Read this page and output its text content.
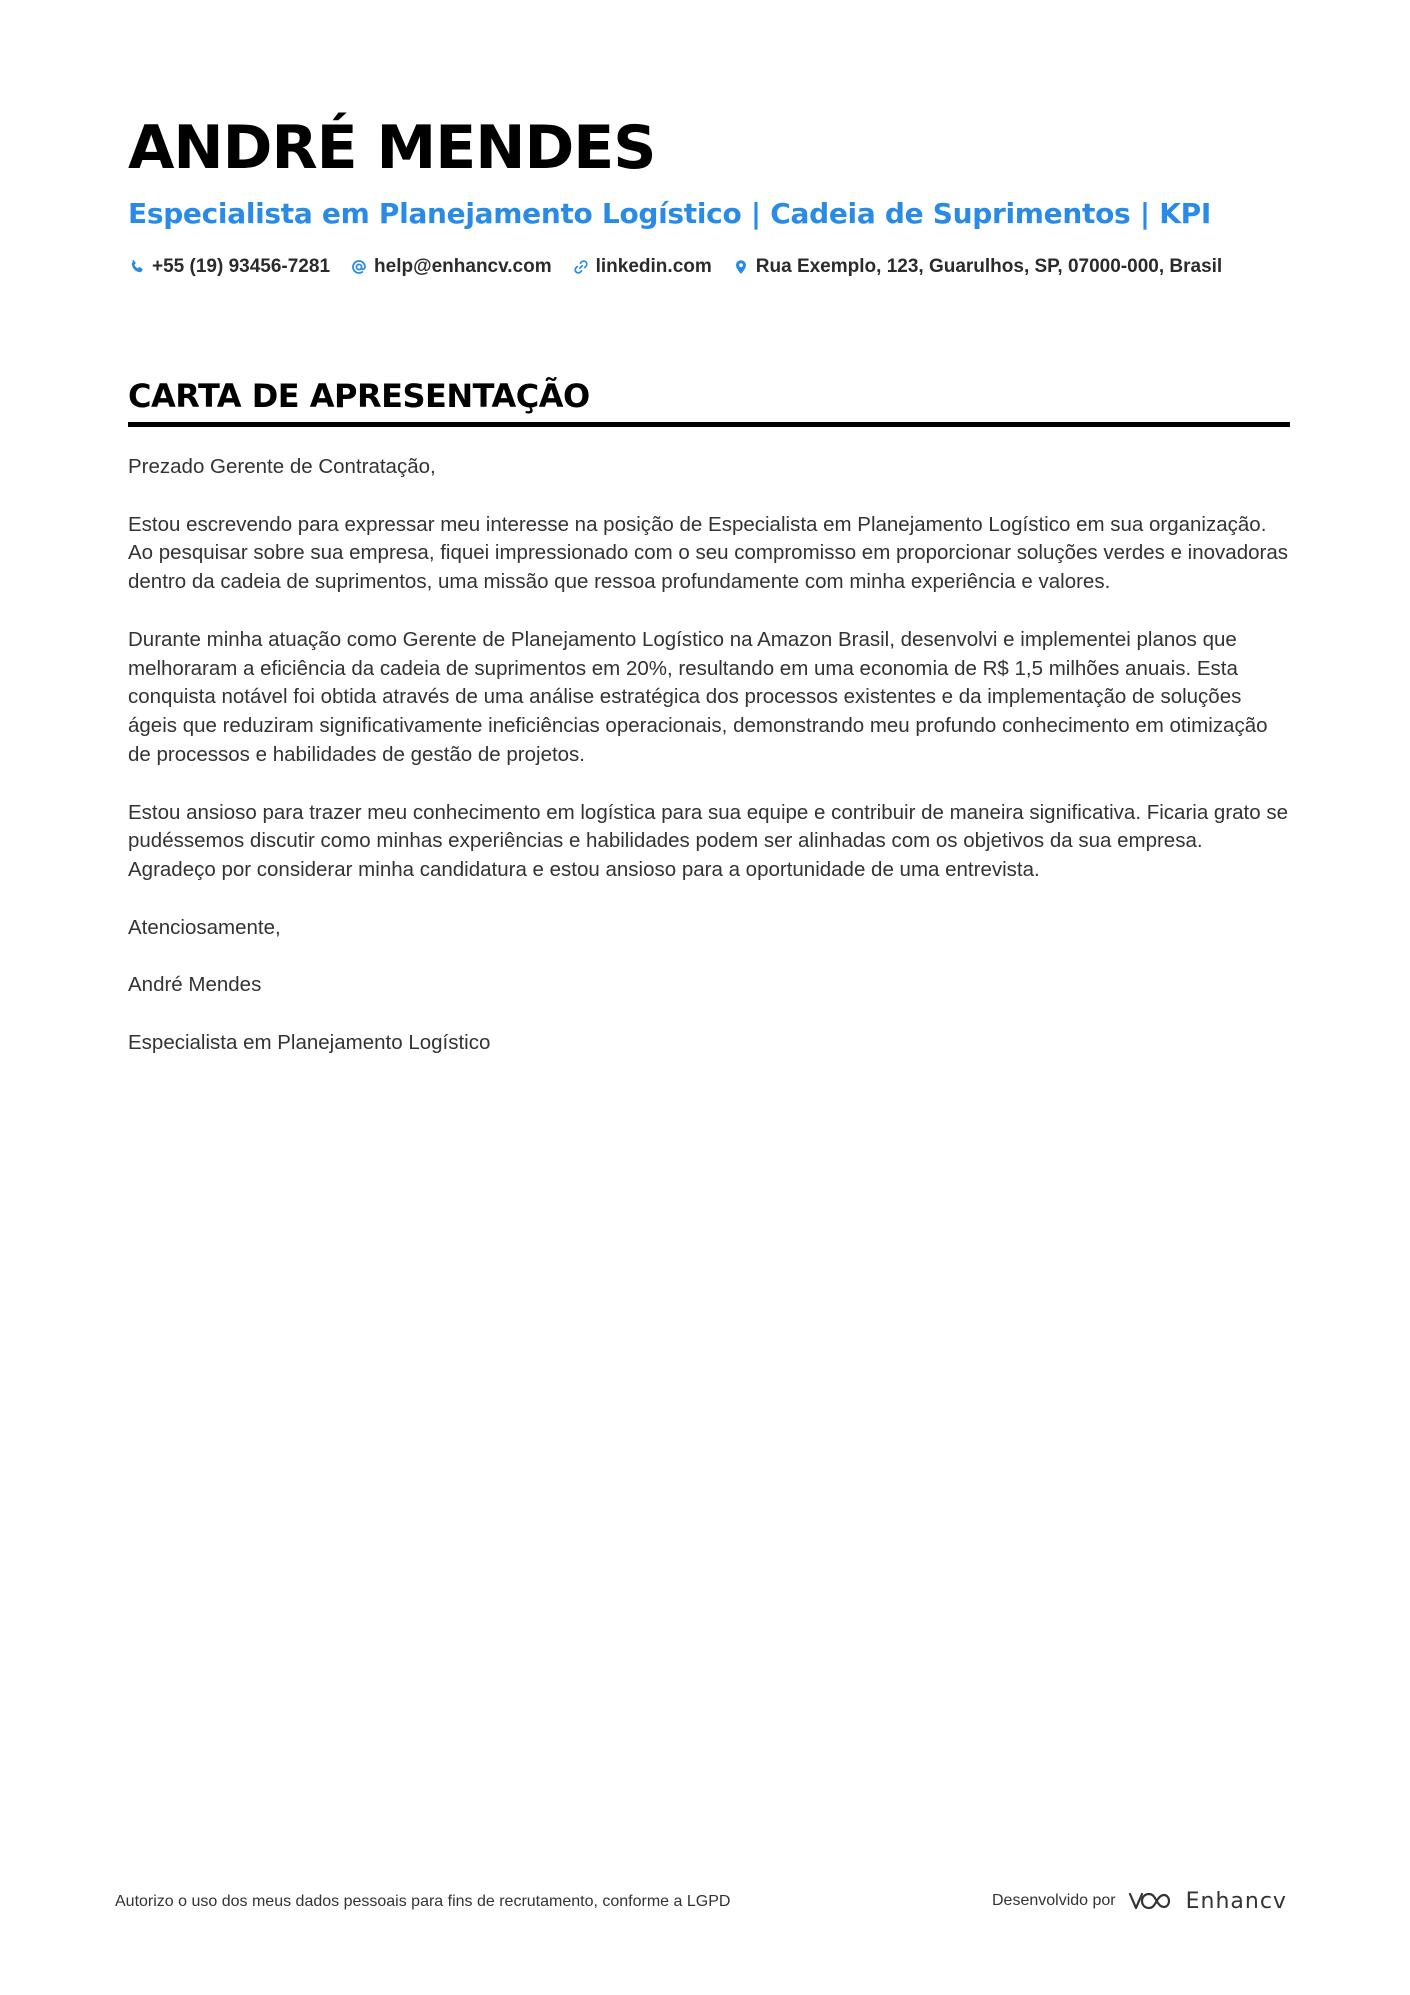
ANDRÉ MENDES
Especialista em Planejamento Logístico | Cadeia de Suprimentos | KPI
+55 (19) 93456-7281 help@enhancv.com linkedin.com Rua Exemplo, 123, Guarulhos, SP, 07000-000, Brasil
CARTA DE APRESENTAÇÃO

Prezado Gerente de Contratação,

Estou escrevendo para expressar meu interesse na posição de Especialista em Planejamento Logístico em sua organização. Ao pesquisar sobre sua empresa, fiquei impressionado com o seu compromisso em proporcionar soluções verdes e inovadoras dentro da cadeia de suprimentos, uma missão que ressoa profundamente com minha experiência e valores.

Durante minha atuação como Gerente de Planejamento Logístico na Amazon Brasil, desenvolvi e implementei planos que melhoraram a eficiência da cadeia de suprimentos em 20%, resultando em uma economia de R$ 1,5 milhões anuais. Esta conquista notável foi obtida através de uma análise estratégica dos processos existentes e da implementação de soluções ágeis que reduziram significativamente ineficiências operacionais, demonstrando meu profundo conhecimento em otimização de processos e habilidades de gestão de projetos.

Estou ansioso para trazer meu conhecimento em logística para sua equipe e contribuir de maneira significativa. Ficaria grato se pudéssemos discutir como minhas experiências e habilidades podem ser alinhadas com os objetivos da sua empresa. Agradeço por considerar minha candidatura e estou ansioso para a oportunidade de uma entrevista.

Atenciosamente,

André Mendes

Especialista em Planejamento Logístico

Autorizo o uso dos meus dados pessoais para fins de recrutamento, conforme a LGPD	Desenvolvido por	Enhancv
